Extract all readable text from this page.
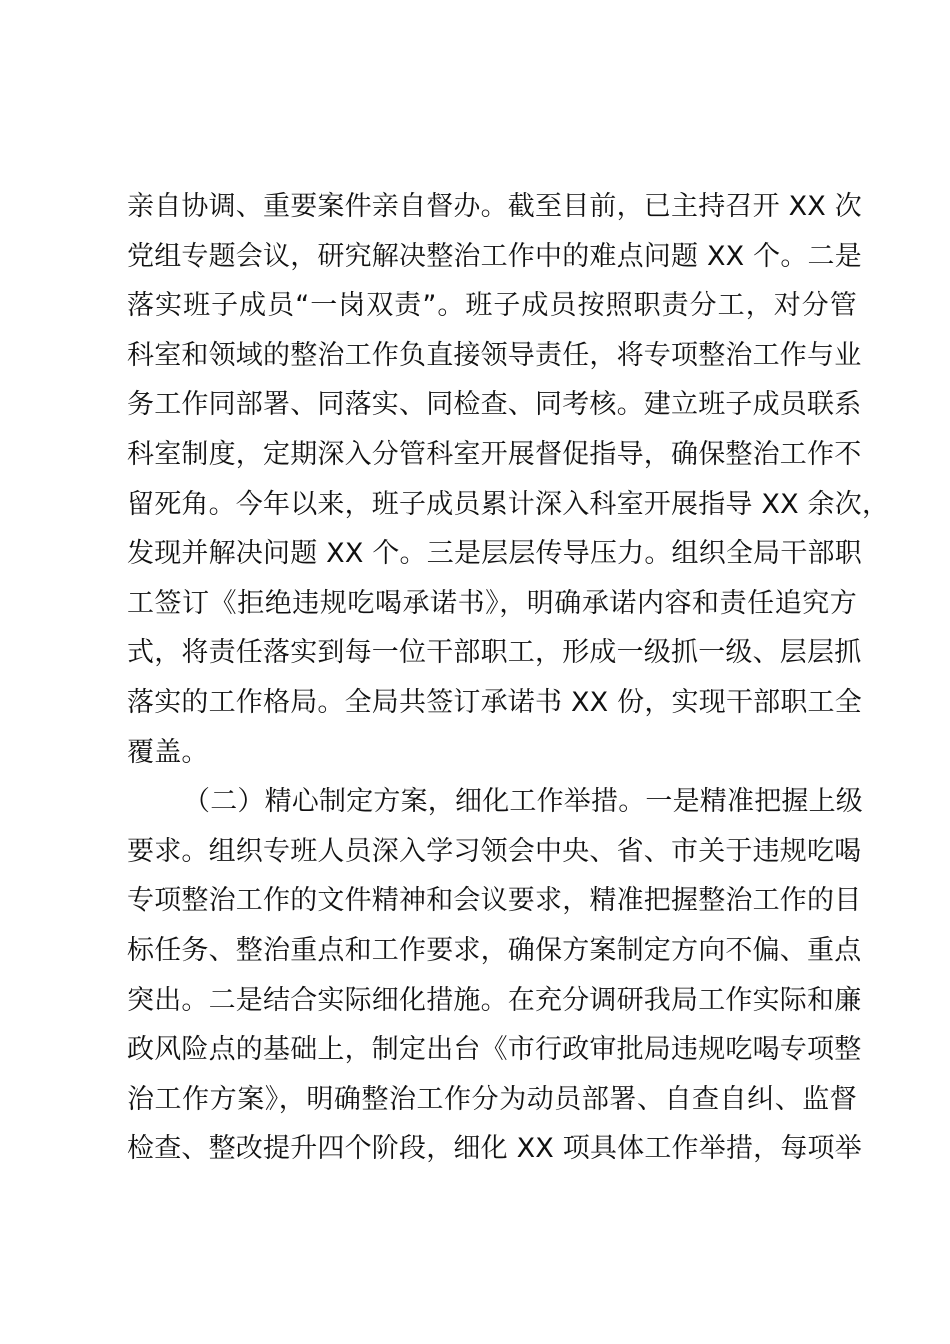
亲自协调、重要案件亲自督办。截至目前，已主持召开 XX 次
党组专题会议，研究解决整治工作中的难点问题 XX 个。二是
落实班子成员“一岗双责”。班子成员按照职责分工，对分管
科室和领域的整治工作负直接领导责任，将专项整治工作与业
务工作同部署、同落实、同检查、同考核。建立班子成员联系
科室制度，定期深入分管科室开展督促指导，确保整治工作不
留死角。今年以来，班子成员累计深入科室开展指导 XX 余次，
发现并解决问题 XX 个。三是层层传导压力。组织全局干部职
工签订《拒绝违规吃喝承诺书》，明确承诺内容和责任追究方
式，将责任落实到每一位干部职工，形成一级抓一级、层层抓
落实的工作格局。全局共签订承诺书 XX 份，实现干部职工全
覆盖。
（二）精心制定方案，细化工作举措。一是精准把握上级
要求。组织专班人员深入学习领会中央、省、市关于违规吃喝
专项整治工作的文件精神和会议要求，精准把握整治工作的目
标任务、整治重点和工作要求，确保方案制定方向不偏、重点
突出。二是结合实际细化措施。在充分调研我局工作实际和廉
政风险点的基础上，制定出台《市行政审批局违规吃喝专项整
治工作方案》，明确整治工作分为动员部署、自查自纠、监督
检查、整改提升四个阶段，细化 XX 项具体工作举措，每项举
